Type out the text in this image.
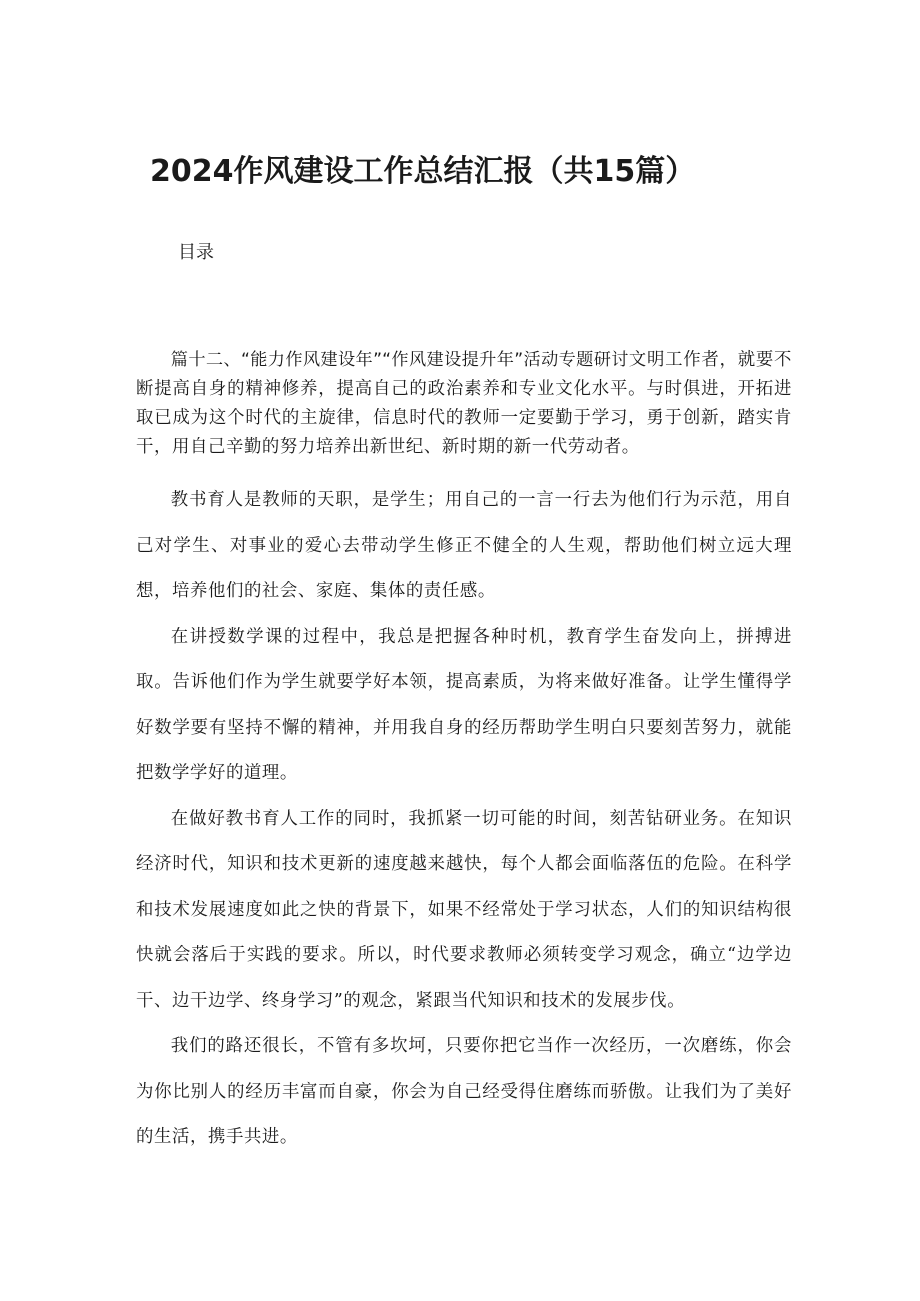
2024作风建设工作总结汇报（共15篇）
目录

篇十二、“能力作风建设年”“作风建设提升年”活动专题研讨文明工作者，就要不断提高自身的精神修养，提高自己的政治素养和专业文化水平。与时俱进，开拓进取已成为这个时代的主旋律，信息时代的教师一定要勤于学习，勇于创新，踏实肯干，用自己辛勤的努力培养出新世纪、新时期的新一代劳动者。

教书育人是教师的天职，是学生；用自己的一言一行去为他们行为示范，用自己对学生、对事业的爱心去带动学生修正不健全的人生观，帮助他们树立远大理想，培养他们的社会、家庭、集体的责任感。

在讲授数学课的过程中，我总是把握各种时机，教育学生奋发向上，拼搏进取。告诉他们作为学生就要学好本领，提高素质，为将来做好准备。让学生懂得学好数学要有坚持不懈的精神，并用我自身的经历帮助学生明白只要刻苦努力，就能把数学学好的道理。

在做好教书育人工作的同时，我抓紧一切可能的时间，刻苦钻研业务。在知识经济时代，知识和技术更新的速度越来越快，每个人都会面临落伍的危险。在科学和技术发展速度如此之快的背景下，如果不经常处于学习状态，人们的知识结构很快就会落后于实践的要求。所以，时代要求教师必须转变学习观念，确立“边学边干、边干边学、终身学习”的观念，紧跟当代知识和技术的发展步伐。

我们的路还很长，不管有多坎坷，只要你把它当作一次经历，一次磨练，你会为你比别人的经历丰富而自豪，你会为自己经受得住磨练而骄傲。让我们为了美好的生活，携手共进。
